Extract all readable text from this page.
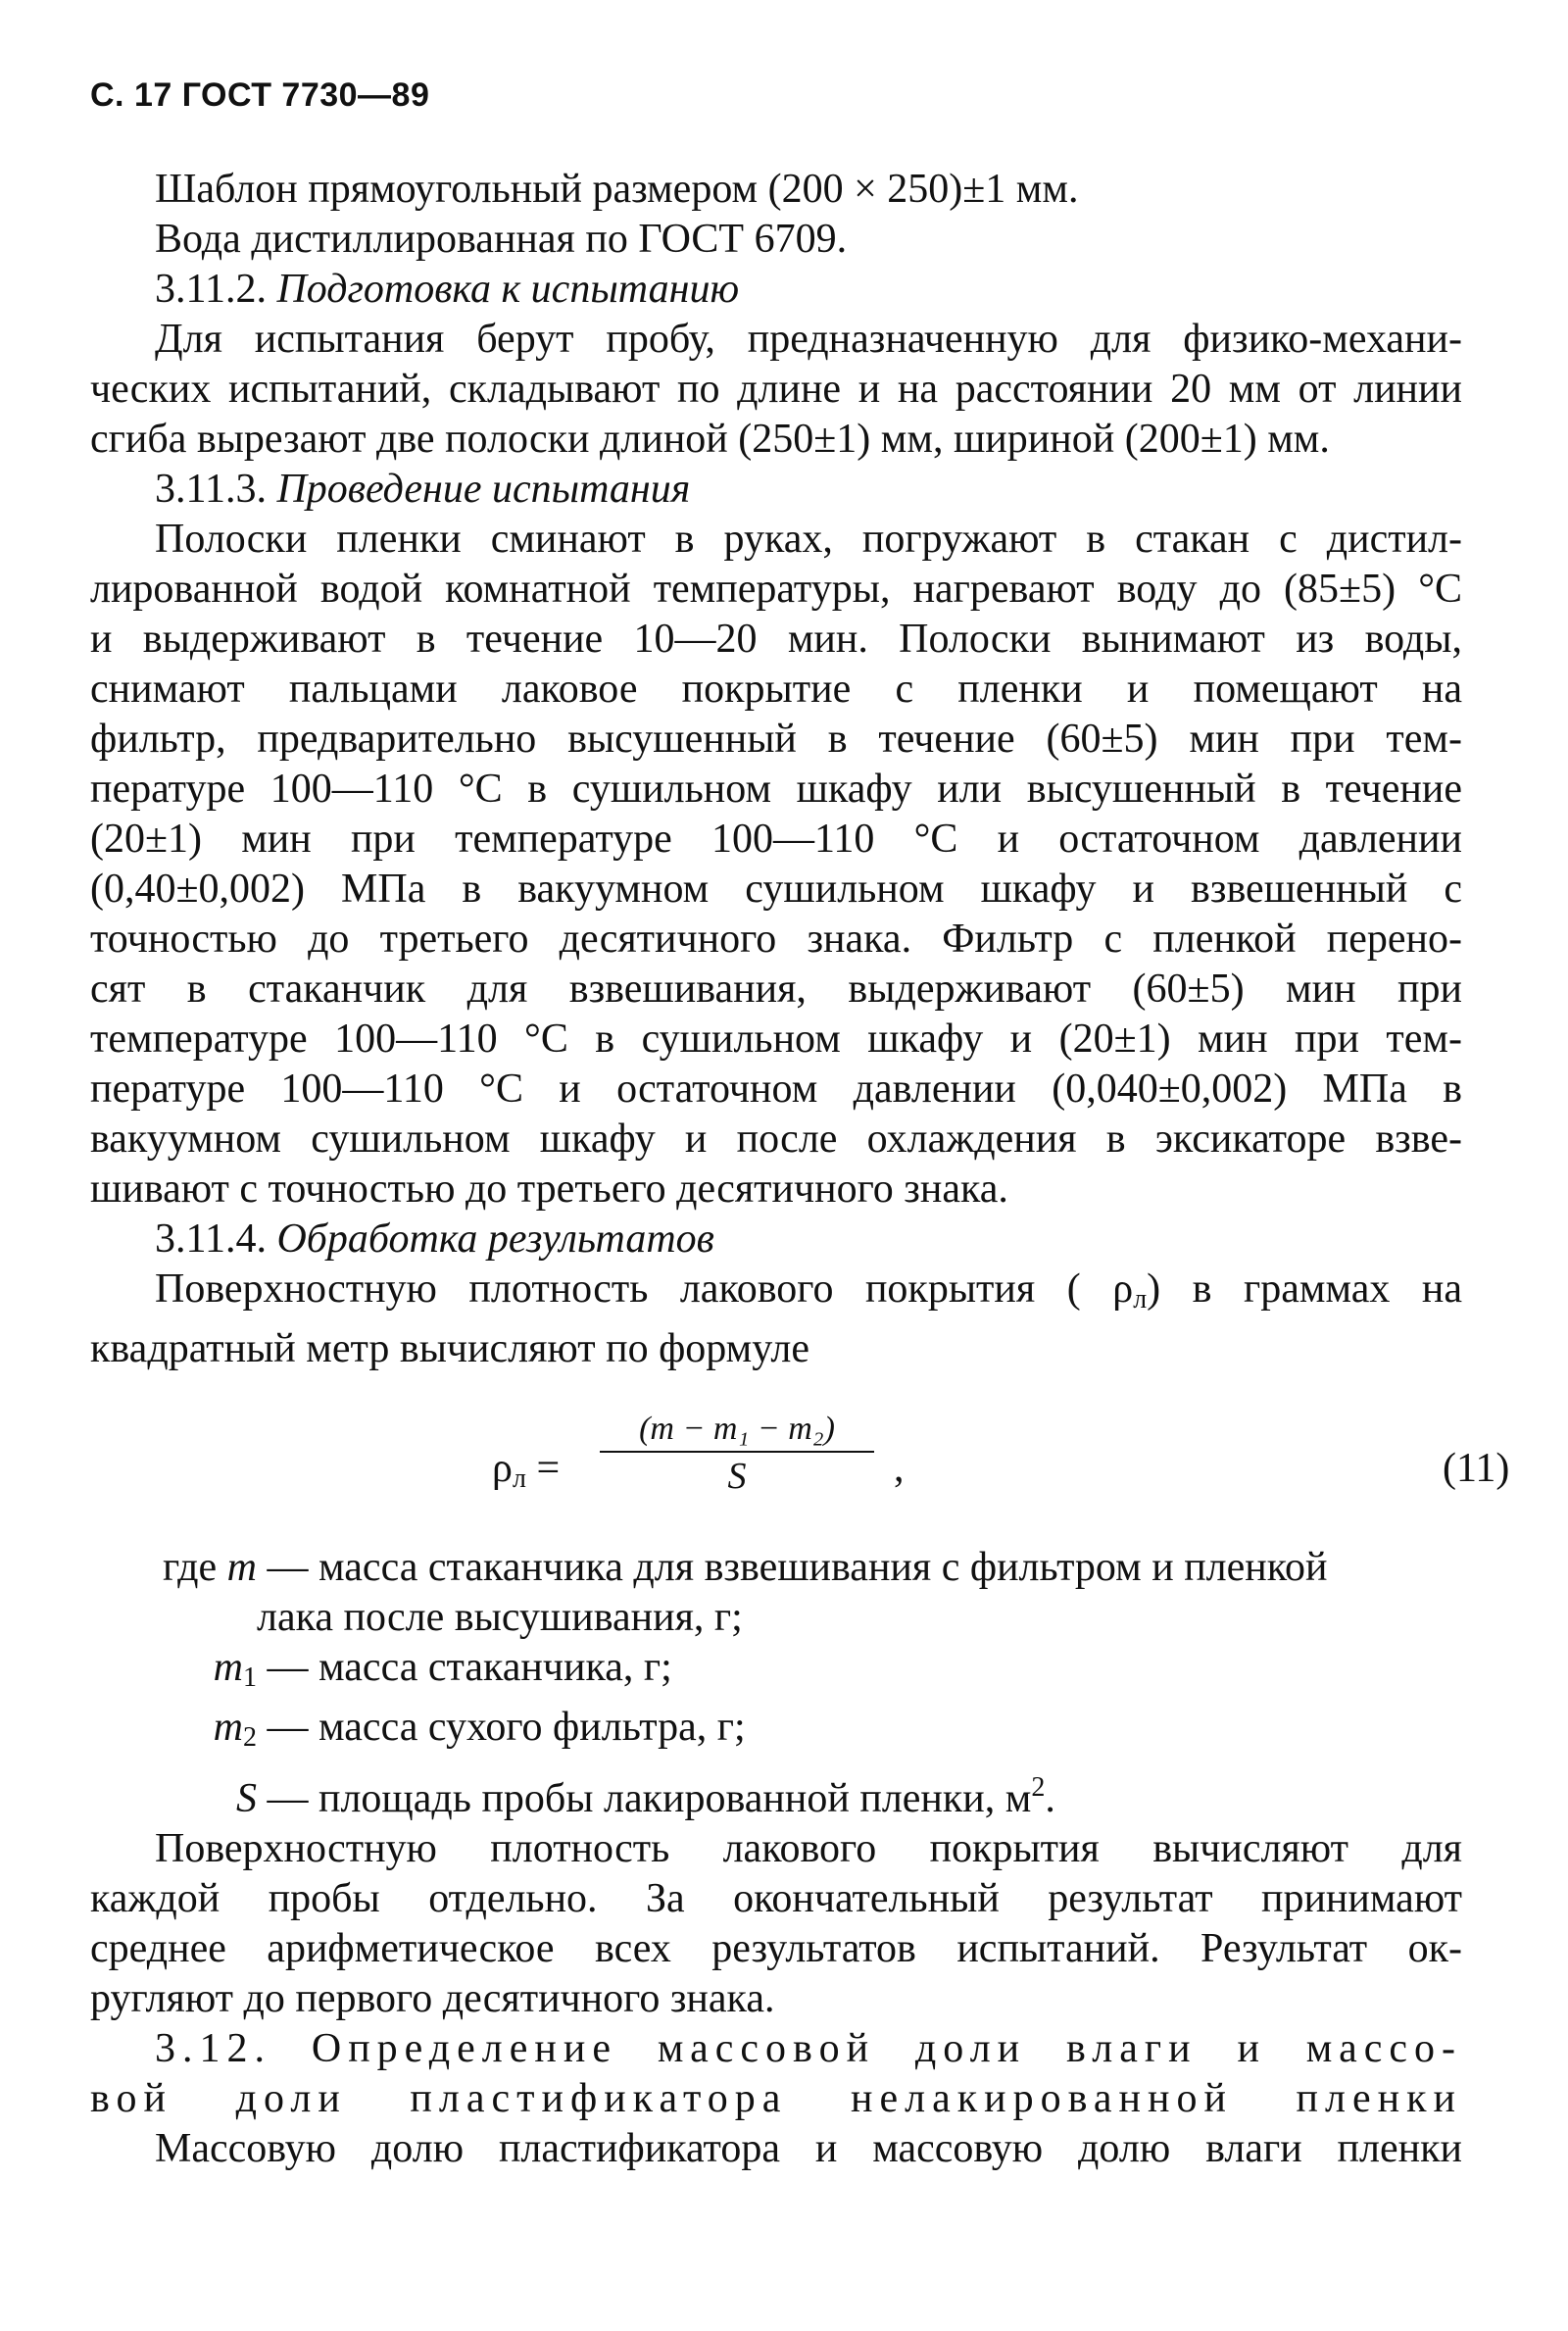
С. 17 ГОСТ 7730—89
Шаблон прямоугольный размером (200 × 250)±1 мм.
Вода дистиллированная по ГОСТ 6709.
3.11.2. Подготовка к испытанию
Для испытания берут пробу, предназначенную для физико-механи-
ческих испытаний, складывают по длине и на расстоянии 20 мм от линии
сгиба вырезают две полоски длиной (250±1) мм, шириной (200±1) мм.
3.11.3. Проведение испытания
Полоски пленки сминают в руках, погружают в стакан с дистил-
лированной водой комнатной температуры, нагревают воду до (85±5) °С
и выдерживают в течение 10—20 мин. Полоски вынимают из воды,
снимают пальцами лаковое покрытие с пленки и помещают на
фильтр, предварительно высушенный в течение (60±5) мин при тем-
пературе 100—110 °С в сушильном шкафу или высушенный в течение
(20±1) мин при температуре 100—110 °С и остаточном давлении
(0,40±0,002) МПа в вакуумном сушильном шкафу и взвешенный с
точностью до третьего десятичного знака. Фильтр с пленкой перено-
сят в стаканчик для взвешивания, выдерживают (60±5) мин при
температуре 100—110 °С в сушильном шкафу и (20±1) мин при тем-
пературе 100—110 °С и остаточном давлении (0,040±0,002) МПа в
вакуумном сушильном шкафу и после охлаждения в эксикаторе взве-
шивают с точностью до третьего десятичного знака.
3.11.4. Обработка результатов
Поверхностную плотность лакового покрытия ( $\rho_л$) в граммах на
квадратный метр вычисляют по формуле
$\rho_л$ =
(m − m₁ − m₂)
S	,	(11)
где m — масса стаканчика для взвешивания с фильтром и пленкой
лака после высушивания, г;
$m_1$ — масса стаканчика, г;
$m_2$ — масса сухого фильтра, г;
S — площадь пробы лакированной пленки, $м^2$.
Поверхностную плотность лакового покрытия вычисляют для
каждой пробы отдельно. За окончательный результат принимают
среднее арифметическое всех результатов испытаний. Результат ок-
ругляют до первого десятичного знака.
3.12. Определение массовой доли влаги и массо-
вой доли пластификатора нелакированной пленки
Массовую долю пластификатора и массовую долю влаги пленки
